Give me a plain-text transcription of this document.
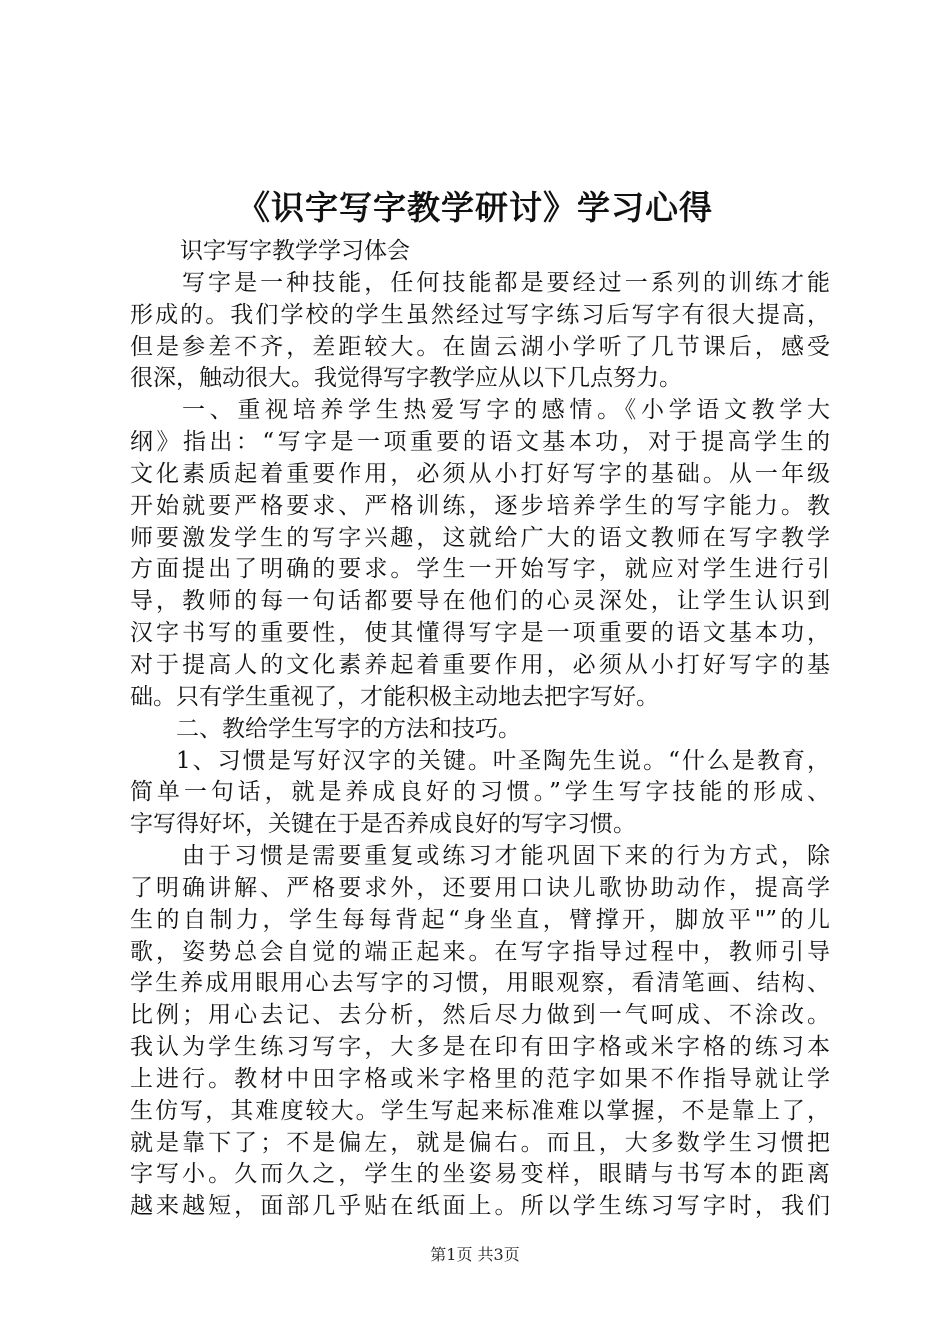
《识字写字教学研讨》学习心得
识字写字教学学习体会
写字是一种技能，任何技能都是要经过一系列的训练才能
形成的。我们学校的学生虽然经过写字练习后写字有很大提高，
但是参差不齐，差距较大。在崮云湖小学听了几节课后，感受
很深，触动很大。我觉得写字教学应从以下几点努力。
一、重视培养学生热爱写字的感情。《小学语文教学大
纲》指出：“写字是一项重要的语文基本功，对于提高学生的
文化素质起着重要作用，必须从小打好写字的基础。从一年级
开始就要严格要求、严格训练，逐步培养学生的写字能力。教
师要激发学生的写字兴趣，这就给广大的语文教师在写字教学
方面提出了明确的要求。学生一开始写字，就应对学生进行引
导，教师的每一句话都要导在他们的心灵深处，让学生认识到
汉字书写的重要性，使其懂得写字是一项重要的语文基本功，
对于提高人的文化素养起着重要作用，必须从小打好写字的基
础。只有学生重视了，才能积极主动地去把字写好。
二、教给学生写字的方法和技巧。
1、习惯是写好汉字的关键。叶圣陶先生说。“什么是教育，
简单一句话，就是养成良好的习惯。”学生写字技能的形成、
字写得好坏，关键在于是否养成良好的写字习惯。
由于习惯是需要重复或练习才能巩固下来的行为方式，除
了明确讲解、严格要求外，还要用口诀儿歌协助动作，提高学
生的自制力，学生每每背起“身坐直，臂撑开，脚放平"”的儿
歌，姿势总会自觉的端正起来。在写字指导过程中，教师引导
学生养成用眼用心去写字的习惯，用眼观察，看清笔画、结构、
比例；用心去记、去分析，然后尽力做到一气呵成、不涂改。
我认为学生练习写字，大多是在印有田字格或米字格的练习本
上进行。教材中田字格或米字格里的范字如果不作指导就让学
生仿写，其难度较大。学生写起来标准难以掌握，不是靠上了，
就是靠下了；不是偏左，就是偏右。而且，大多数学生习惯把
字写小。久而久之，学生的坐姿易变样，眼睛与书写本的距离
越来越短，面部几乎贴在纸面上。所以学生练习写字时，我们
第1页 共3页
